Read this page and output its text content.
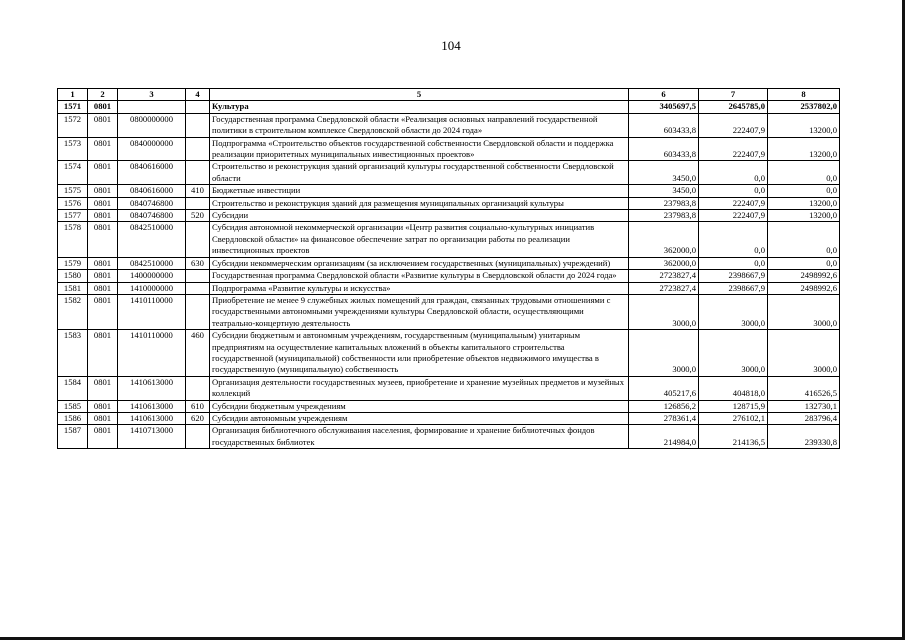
104
1	2	3	4	5	6	7	8
1571	0801			Культура	3405697,5	2645785,0	2537802,0
1572	0801	0800000000		Государственная программа Свердловской области «Реализация основных направлений государственной политики в строительном комплексе Свердловской области до 2024 года»	603433,8	222407,9	13200,0
1573	0801	0840000000		Подпрограмма «Строительство объектов государственной собственности Свердловской области и поддержка реализации приоритетных муниципальных инвестиционных проектов»	603433,8	222407,9	13200,0
1574	0801	0840616000		Строительство и реконструкция зданий организаций культуры государственной собственности Свердловской области	3450,0	0,0	0,0
1575	0801	0840616000	410	Бюджетные инвестиции	3450,0	0,0	0,0
1576	0801	0840746800		Строительство и реконструкция зданий для размещения муниципальных организаций культуры	237983,8	222407,9	13200,0
1577	0801	0840746800	520	Субсидии	237983,8	222407,9	13200,0
1578	0801	0842510000		Субсидия автономной некоммерческой организации «Центр развития социально-культурных инициатив Свердловской области» на финансовое обеспечение затрат по организации работы по реализации инвестиционных проектов	362000,0	0,0	0,0
1579	0801	0842510000	630	Субсидии некоммерческим организациям (за исключением государственных (муниципальных) учреждений)	362000,0	0,0	0,0
1580	0801	1400000000		Государственная программа Свердловской области «Развитие культуры в Свердловской области до 2024 года»	2723827,4	2398667,9	2498992,6
1581	0801	1410000000		Подпрограмма «Развитие культуры и искусства»	2723827,4	2398667,9	2498992,6
1582	0801	1410110000		Приобретение не менее 9 служебных жилых помещений для граждан, связанных трудовыми отношениями с государственными автономными учреждениями культуры Свердловской области, осуществляющими театрально-концертную деятельность	3000,0	3000,0	3000,0
1583	0801	1410110000	460	Субсидии бюджетным и автономным учреждениям, государственным (муниципальным) унитарным предприятиям на осуществление капитальных вложений в объекты капитального строительства государственной (муниципальной) собственности или приобретение объектов недвижимого имущества в государственную (муниципальную) собственность	3000,0	3000,0	3000,0
1584	0801	1410613000		Организация деятельности государственных музеев, приобретение и хранение музейных предметов и музейных коллекций	405217,6	404818,0	416526,5
1585	0801	1410613000	610	Субсидии бюджетным учреждениям	126856,2	128715,9	132730,1
1586	0801	1410613000	620	Субсидии автономным учреждениям	278361,4	276102,1	283796,4
1587	0801	1410713000		Организация библиотечного обслуживания населения, формирование и хранение библиотечных фондов государственных библиотек	214984,0	214136,5	239330,8
